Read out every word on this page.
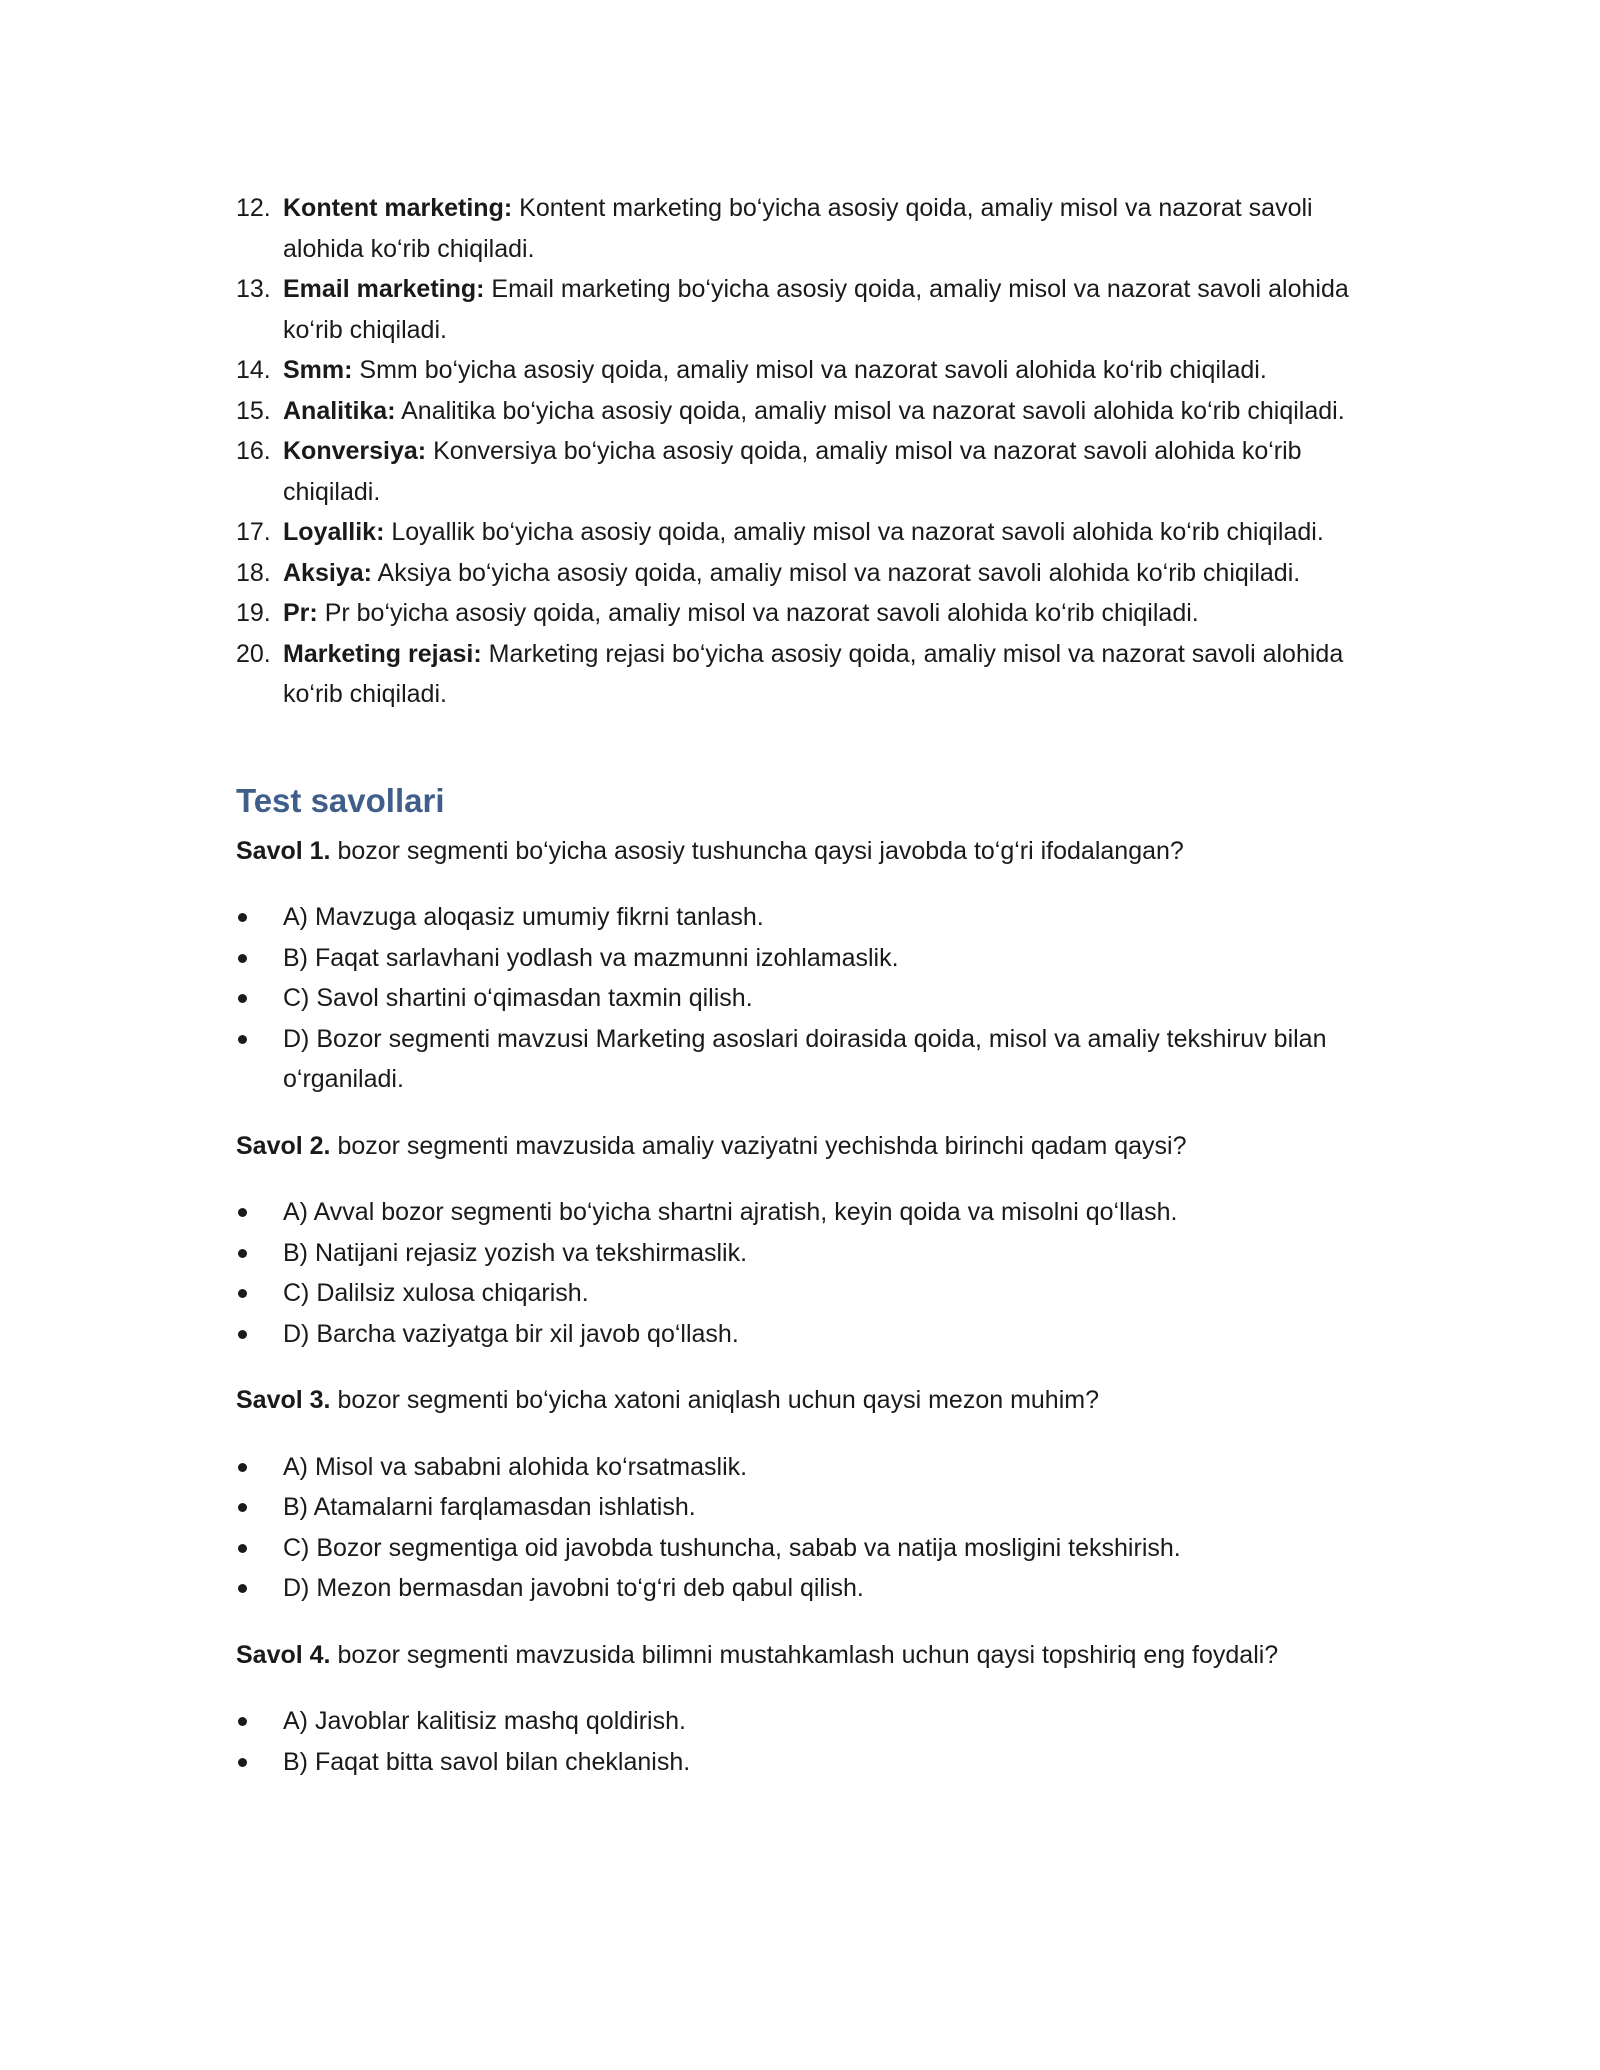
12. Kontent marketing: Kontent marketing bo‘yicha asosiy qoida, amaliy misol va nazorat savoli alohida ko‘rib chiqiladi.
13. Email marketing: Email marketing bo‘yicha asosiy qoida, amaliy misol va nazorat savoli alohida ko‘rib chiqiladi.
14. Smm: Smm bo‘yicha asosiy qoida, amaliy misol va nazorat savoli alohida ko‘rib chiqiladi.
15. Analitika: Analitika bo‘yicha asosiy qoida, amaliy misol va nazorat savoli alohida ko‘rib chiqiladi.
16. Konversiya: Konversiya bo‘yicha asosiy qoida, amaliy misol va nazorat savoli alohida ko‘rib chiqiladi.
17. Loyallik: Loyallik bo‘yicha asosiy qoida, amaliy misol va nazorat savoli alohida ko‘rib chiqiladi.
18. Aksiya: Aksiya bo‘yicha asosiy qoida, amaliy misol va nazorat savoli alohida ko‘rib chiqiladi.
19. Pr: Pr bo‘yicha asosiy qoida, amaliy misol va nazorat savoli alohida ko‘rib chiqiladi.
20. Marketing rejasi: Marketing rejasi bo‘yicha asosiy qoida, amaliy misol va nazorat savoli alohida ko‘rib chiqiladi.
Test savollari

Savol 1. bozor segmenti bo‘yicha asosiy tushuncha qaysi javobda to‘g‘ri ifodalangan?

A) Mavzuga aloqasiz umumiy fikrni tanlash.
B) Faqat sarlavhani yodlash va mazmunni izohlamaslik.
C) Savol shartini o‘qimasdan taxmin qilish.
D) Bozor segmenti mavzusi Marketing asoslari doirasida qoida, misol va amaliy tekshiruv bilan o‘rganiladi.

Savol 2. bozor segmenti mavzusida amaliy vaziyatni yechishda birinchi qadam qaysi?

A) Avval bozor segmenti bo‘yicha shartni ajratish, keyin qoida va misolni qo‘llash.
B) Natijani rejasiz yozish va tekshirmaslik.
C) Dalilsiz xulosa chiqarish.
D) Barcha vaziyatga bir xil javob qo‘llash.

Savol 3. bozor segmenti bo‘yicha xatoni aniqlash uchun qaysi mezon muhim?

A) Misol va sababni alohida ko‘rsatmaslik.
B) Atamalarni farqlamasdan ishlatish.
C) Bozor segmentiga oid javobda tushuncha, sabab va natija mosligini tekshirish.
D) Mezon bermasdan javobni to‘g‘ri deb qabul qilish.

Savol 4. bozor segmenti mavzusida bilimni mustahkamlash uchun qaysi topshiriq eng foydali?

A) Javoblar kalitisiz mashq qoldirish.
B) Faqat bitta savol bilan cheklanish.
